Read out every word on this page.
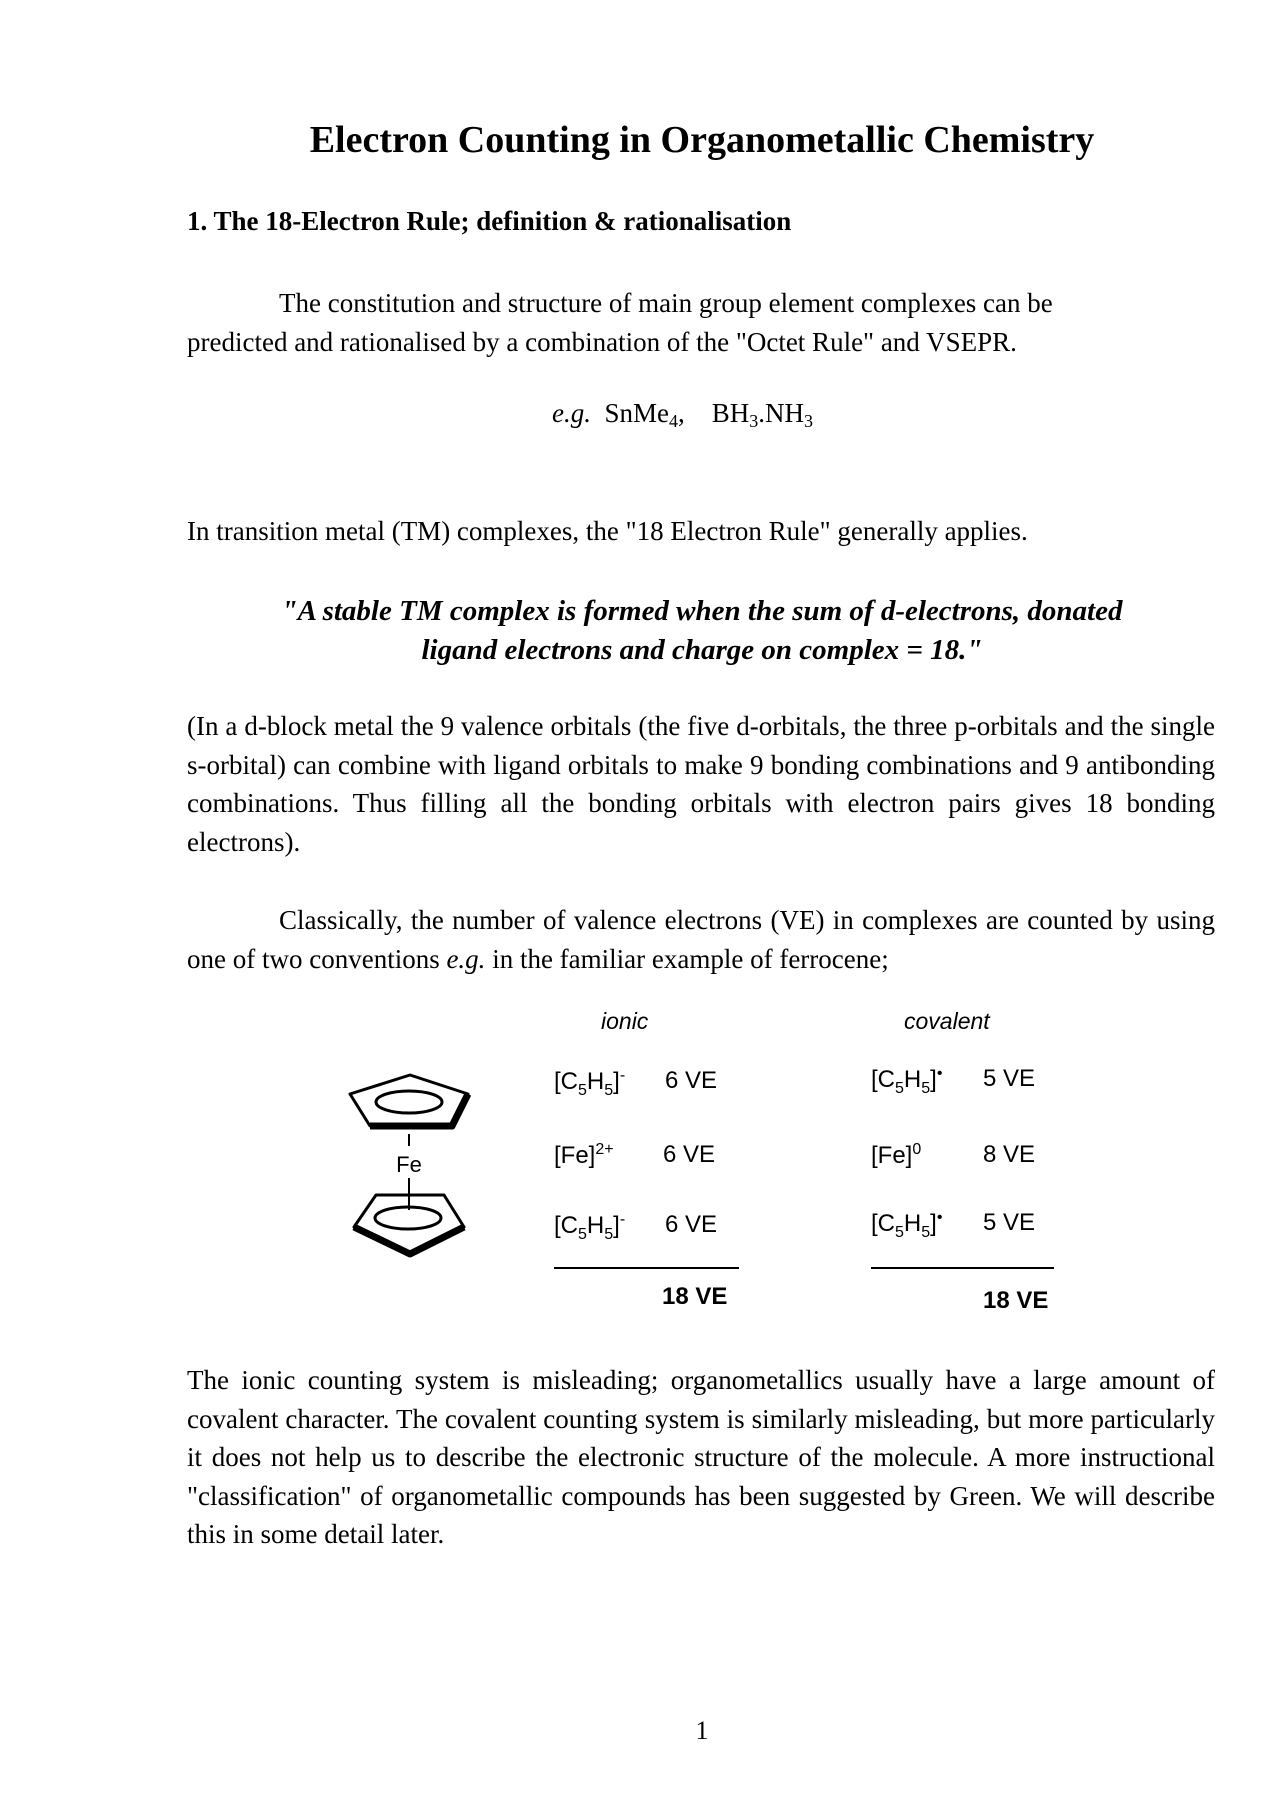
Electron Counting in Organometallic Chemistry
1. The 18-Electron Rule; definition & rationalisation
The constitution and structure of main group element complexes can be
predicted and rationalised by a combination of the "Octet Rule" and VSEPR.
e.g. SnMe$_4$, $BH_3.NH_3$
In transition metal (TM) complexes, the "18 Electron Rule" generally applies.
"A stable TM complex is formed when the sum of d-electrons, donated
ligand electrons and charge on complex = 18."
(In a d-block metal the 9 valence orbitals (the five d-orbitals, the three p-orbitals and the single s-orbital) can combine with ligand orbitals to make 9 bonding combinations and 9 antibonding combinations. Thus filling all the bonding orbitals with electron pairs gives 18 bonding electrons).
Classically, the number of valence electrons (VE) in complexes are counted by using one of two conventions e.g. in the familiar example of ferrocene;
Fe
ionic
$[C_5H_5]^-$ 6 VE
$[Fe]^{2+}$ 6 VE
$[C_5H_5]^-$ 6 VE
18 VE
covalent
$[C_5H_5]^•$ 5 VE
$[Fe]^0$	8 VE
$[C_5H_5]^•$ 5 VE
18 VE
The ionic counting system is misleading; organometallics usually have a large amount of covalent character. The covalent counting system is similarly misleading, but more particularly it does not help us to describe the electronic structure of the molecule. A more instructional "classification" of organometallic compounds has been suggested by Green. We will describe this in some detail later.
1
